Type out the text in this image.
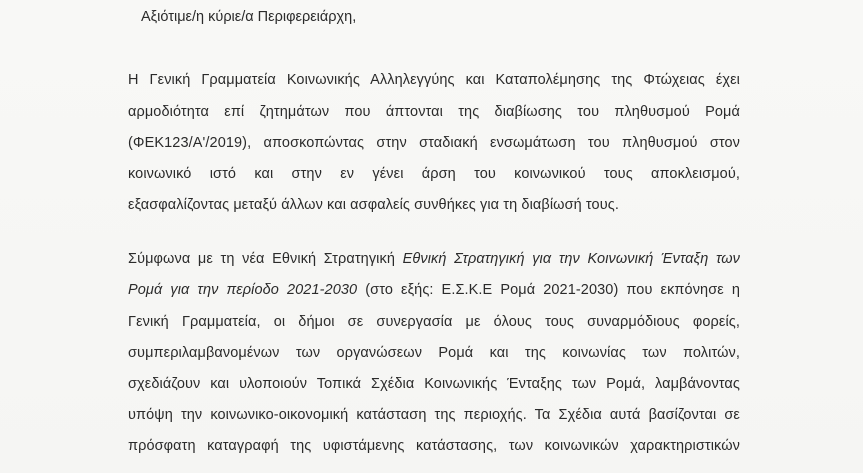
Αξιότιμε/η κύριε/α Περιφερειάρχη,
Η Γενική Γραμματεία Κοινωνικής Αλληλεγγύης και Καταπολέμησης της Φτώχειας έχει
αρμοδιότητα επί ζητημάτων που άπτονται της διαβίωσης του πληθυσμού Ρομά
(ΦΕΚ123/Α'/2019), αποσκοπώντας στην σταδιακή ενσωμάτωση του πληθυσμού στον
κοινωνικό ιστό και στην εν γένει άρση του κοινωνικού τους αποκλεισμού,
εξασφαλίζοντας μεταξύ άλλων και ασφαλείς συνθήκες για τη διαβίωσή τους.
Σύμφωνα με τη νέα Εθνική Στρατηγική Εθνική Στρατηγική για την Κοινωνική Ένταξη των
Ρομά για την περίοδο 2021-2030 (στο εξής: Ε.Σ.Κ.Ε Ρομά 2021-2030) που εκπόνησε η
Γενική Γραμματεία, οι δήμοι σε συνεργασία με όλους τους συναρμόδιους φορείς,
συμπεριλαμβανομένων των οργανώσεων Ρομά και της κοινωνίας των πολιτών,
σχεδιάζουν και υλοποιούν Τοπικά Σχέδια Κοινωνικής Ένταξης των Ρομά, λαμβάνοντας
υπόψη την κοινωνικο-οικονομική κατάσταση της περιοχής. Τα Σχέδια αυτά βασίζονται σε
πρόσφατη καταγραφή της υφιστάμενης κατάστασης, των κοινωνικών χαρακτηριστικών
